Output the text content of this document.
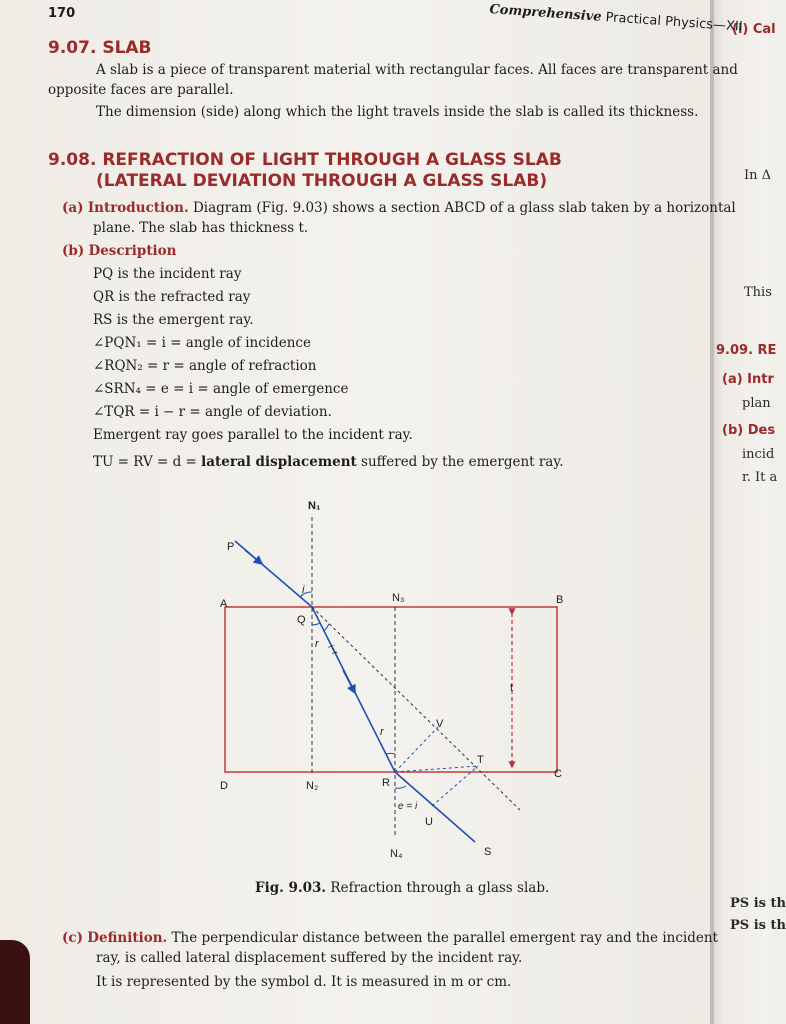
(i) Cal
In Δ
This
9.09. RE
(a) Intr
plan
(b) Des
incid
r. It a
PS is th
PS is th
170	Comprehensive Practical Physics—XII
9.07. SLAB
A slab is a piece of transparent material with rectangular faces. All faces are transparent and
opposite faces are parallel.
The dimension (side) along which the light travels inside the slab is called its thickness.
9.08. REFRACTION OF LIGHT THROUGH A GLASS SLAB
(LATERAL DEVIATION THROUGH A GLASS SLAB)
(a) Introduction. Diagram (Fig. 9.03) shows a section ABCD of a glass slab taken by a horizontal
plane. The slab has thickness t.
(b) Description
PQ is the incident ray
QR is the refracted ray
RS is the emergent ray.
∠PQN₁ = i = angle of incidence
∠RQN₂ = r = angle of refraction
∠SRN₄ = e = i = angle of emergence
∠TQR = i − r = angle of deviation.
Emergent ray goes parallel to the incident ray.
TU = RV = d = lateral displacement suffered by the emergent ray.
N₁
P
A	B
Q
N₃
i
r i−r
t
V
r
T
D	N₂	R
C
e = i
U
N₄	S
Fig. 9.03. Refraction through a glass slab.
(c) Definition. The perpendicular distance between the parallel emergent ray and the incident
ray, is called lateral displacement suffered by the incident ray.
It is represented by the symbol d. It is measured in m or cm.
